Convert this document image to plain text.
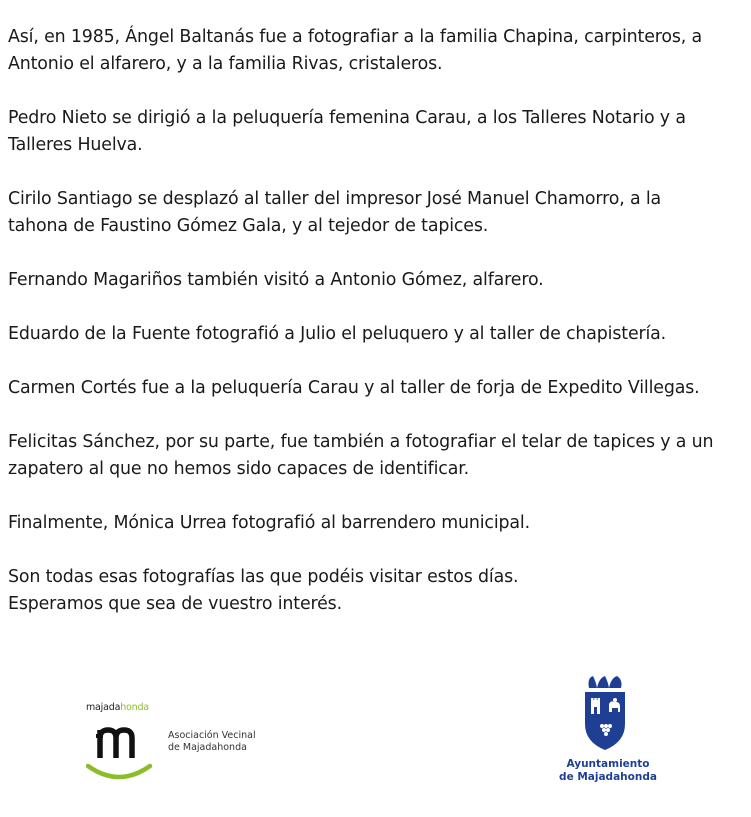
Así, en 1985, Ángel Baltanás fue a fotografiar a la familia Chapina, carpinteros, a
Antonio el alfarero, y a la familia Rivas, cristaleros.

Pedro Nieto se dirigió a la peluquería femenina Carau, a los Talleres Notario y a
Talleres Huelva.

Cirilo Santiago se desplazó al taller del impresor José Manuel Chamorro, a la
tahona de Faustino Gómez Gala, y al tejedor de tapices.

Fernando Magariños también visitó a Antonio Gómez, alfarero.

Eduardo de la Fuente fotografió a Julio el peluquero y al taller de chapistería.

Carmen Cortés fue a la peluquería Carau y al taller de forja de Expedito Villegas.

Felicitas Sánchez, por su parte, fue también a fotografiar el telar de tapices y a un
zapatero al que no hemos sido capaces de identificar.

Finalmente, Mónica Urrea fotografió al barrendero municipal.

Son todas esas fotografías las que podéis visitar estos días.
Esperamos que sea de vuestro interés.

majadahonda
Asociación Vecinal
de Majadahonda
Ayuntamiento
de Majadahonda
